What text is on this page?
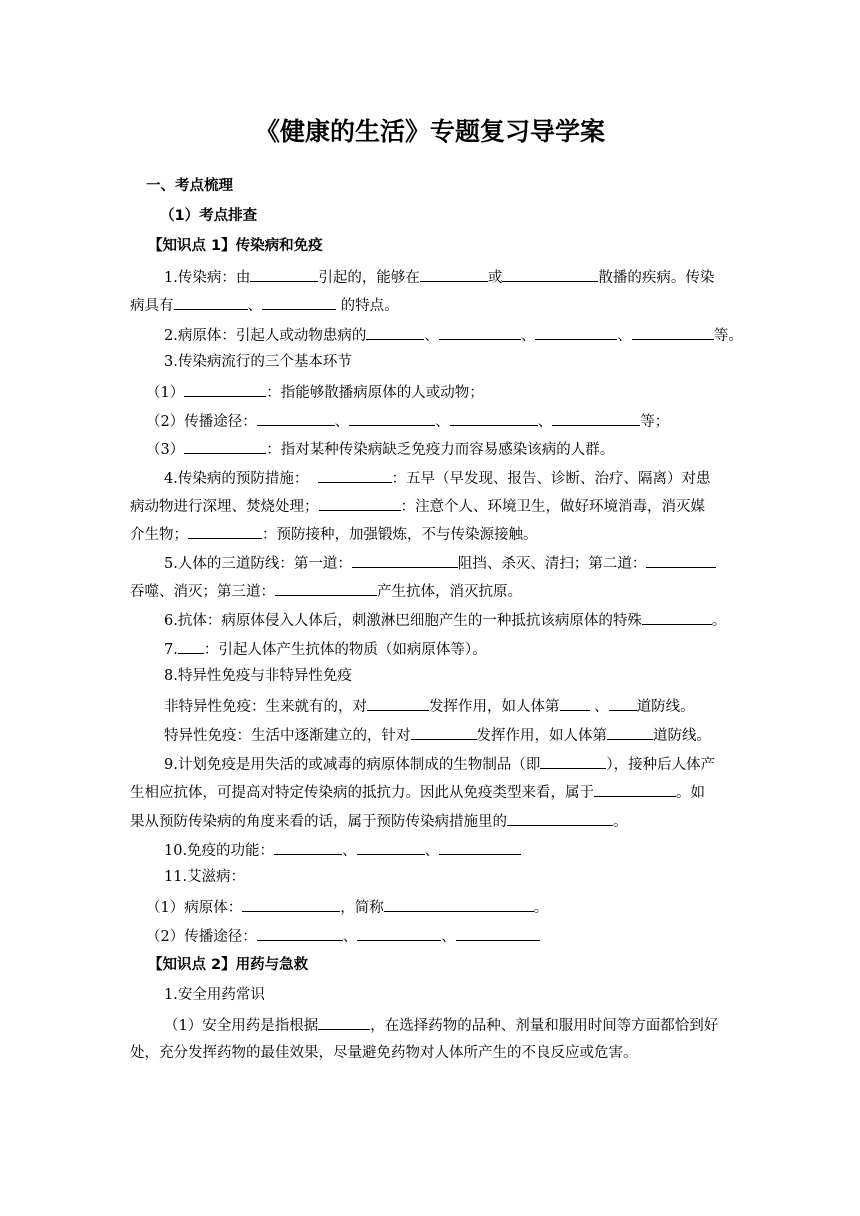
《健康的生活》专题复习导学案
一、考点梳理
（1）考点排查
【知识点 1】传染病和免疫
1.传染病：由	引起的，能够在	或	散播的疾病。传染
病具有	、	的特点。
2.病原体：引起人或动物患病的	、	、	、	等。
3.传染病流行的三个基本环节
（1）	：指能够散播病原体的人或动物；
（2）传播途径：	、	、	、	等；
（3）	：指对某种传染病缺乏免疫力而容易感染该病的人群。
4.传染病的预防措施：	：五早（早发现、报告、诊断、治疗、隔离）对患
病动物进行深埋、焚烧处理；	：注意个人、环境卫生，做好环境消毒，消灭媒
介生物；	：预防接种，加强锻炼，不与传染源接触。
5.人体的三道防线：第一道：	阻挡、杀灭、清扫；第二道：
吞噬、消灭；第三道：	产生抗体，消灭抗原。
6.抗体：病原体侵入人体后，刺激淋巴细胞产生的一种抵抗该病原体的特殊	。
7. ：引起人体产生抗体的物质（如病原体等）。
8.特异性免疫与非特异性免疫
非特异性免疫：生来就有的，对	发挥作用，如人体第 、 道防线。
特异性免疫：生活中逐渐建立的，针对	发挥作用，如人体第	道防线。
9.计划免疫是用失活的或减毒的病原体制成的生物制品（即	），接种后人体产
生相应抗体，可提高对特定传染病的抵抗力。因此从免疫类型来看，属于	。如
果从预防传染病的角度来看的话，属于预防传染病措施里的	。
10.免疫的功能：	、	、
11.艾滋病：
（1）病原体：	，简称	。
（2）传播途径：	、	、
【知识点 2】用药与急救
1.安全用药常识
（1）安全用药是指根据	，在选择药物的品种、剂量和服用时间等方面都恰到好
处，充分发挥药物的最佳效果，尽量避免药物对人体所产生的不良反应或危害。
